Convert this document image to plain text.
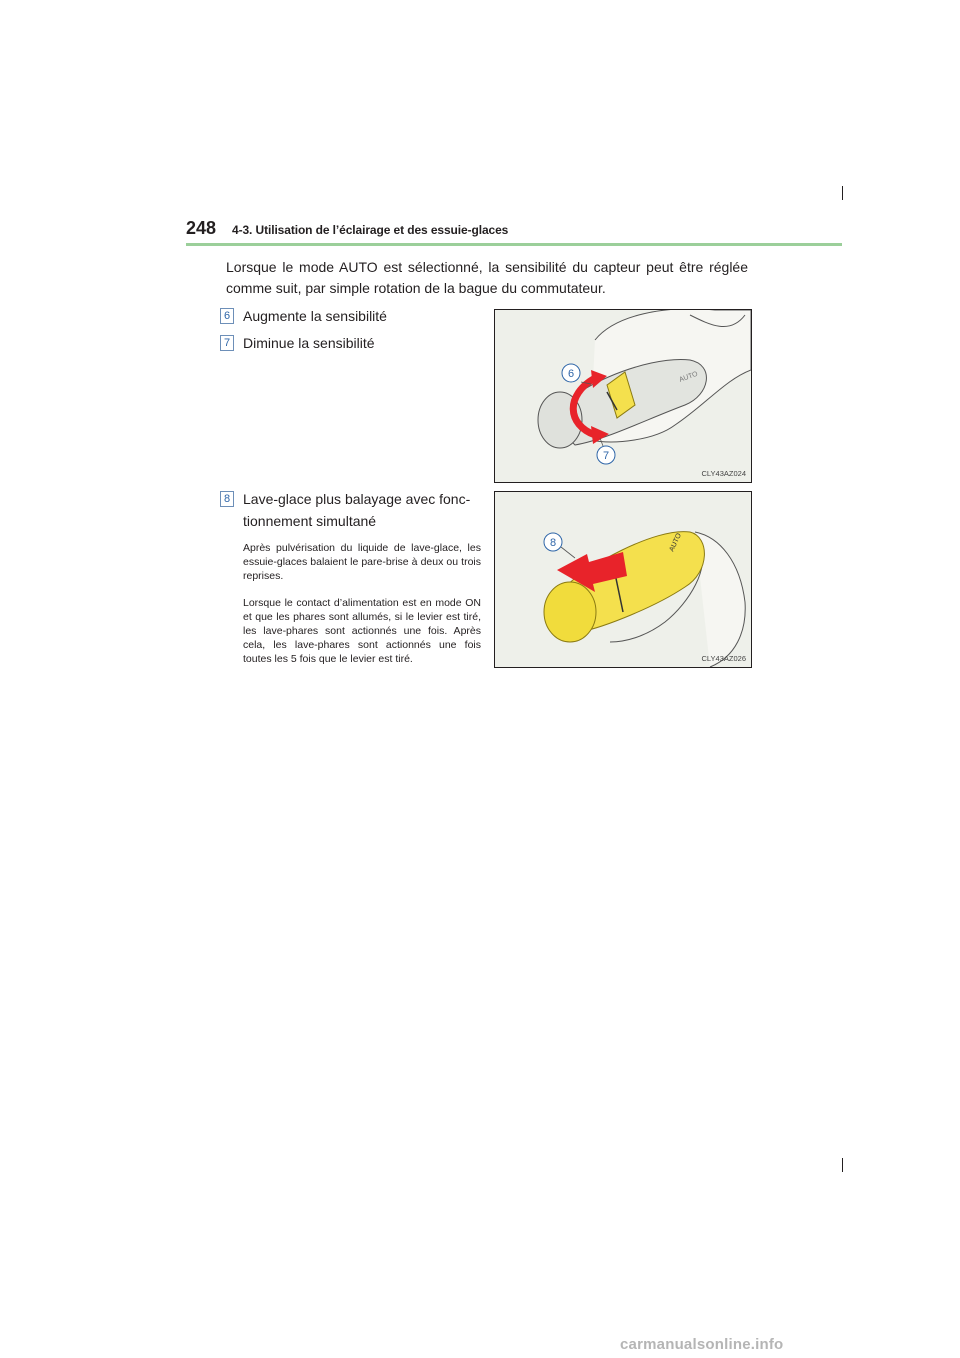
248 4-3. Utilisation de l’éclairage et des essuie-glaces
Lorsque le mode AUTO est sélectionné, la sensibilité du capteur peut être réglée comme suit, par simple rotation de la bague du commutateur.
6 Augmente la sensibilité
7 Diminue la sensibilité
8 Lave-glace plus balayage avec fonc-tionnement simultané
Après pulvérisation du liquide de lave-glace, les essuie-glaces balaient le pare-brise à deux ou trois reprises.
Lorsque le contact d’alimentation est en mode ON et que les phares sont allumés, si le levier est tiré, les lave-phares sont actionnés une fois. Après cela, les lave-phares sont actionnés une fois toutes les 5 fois que le levier est tiré.
AUTO
6
7
CLY43AZ024
AUTO
8
CLY43AZ026
carmanualsonline.info
